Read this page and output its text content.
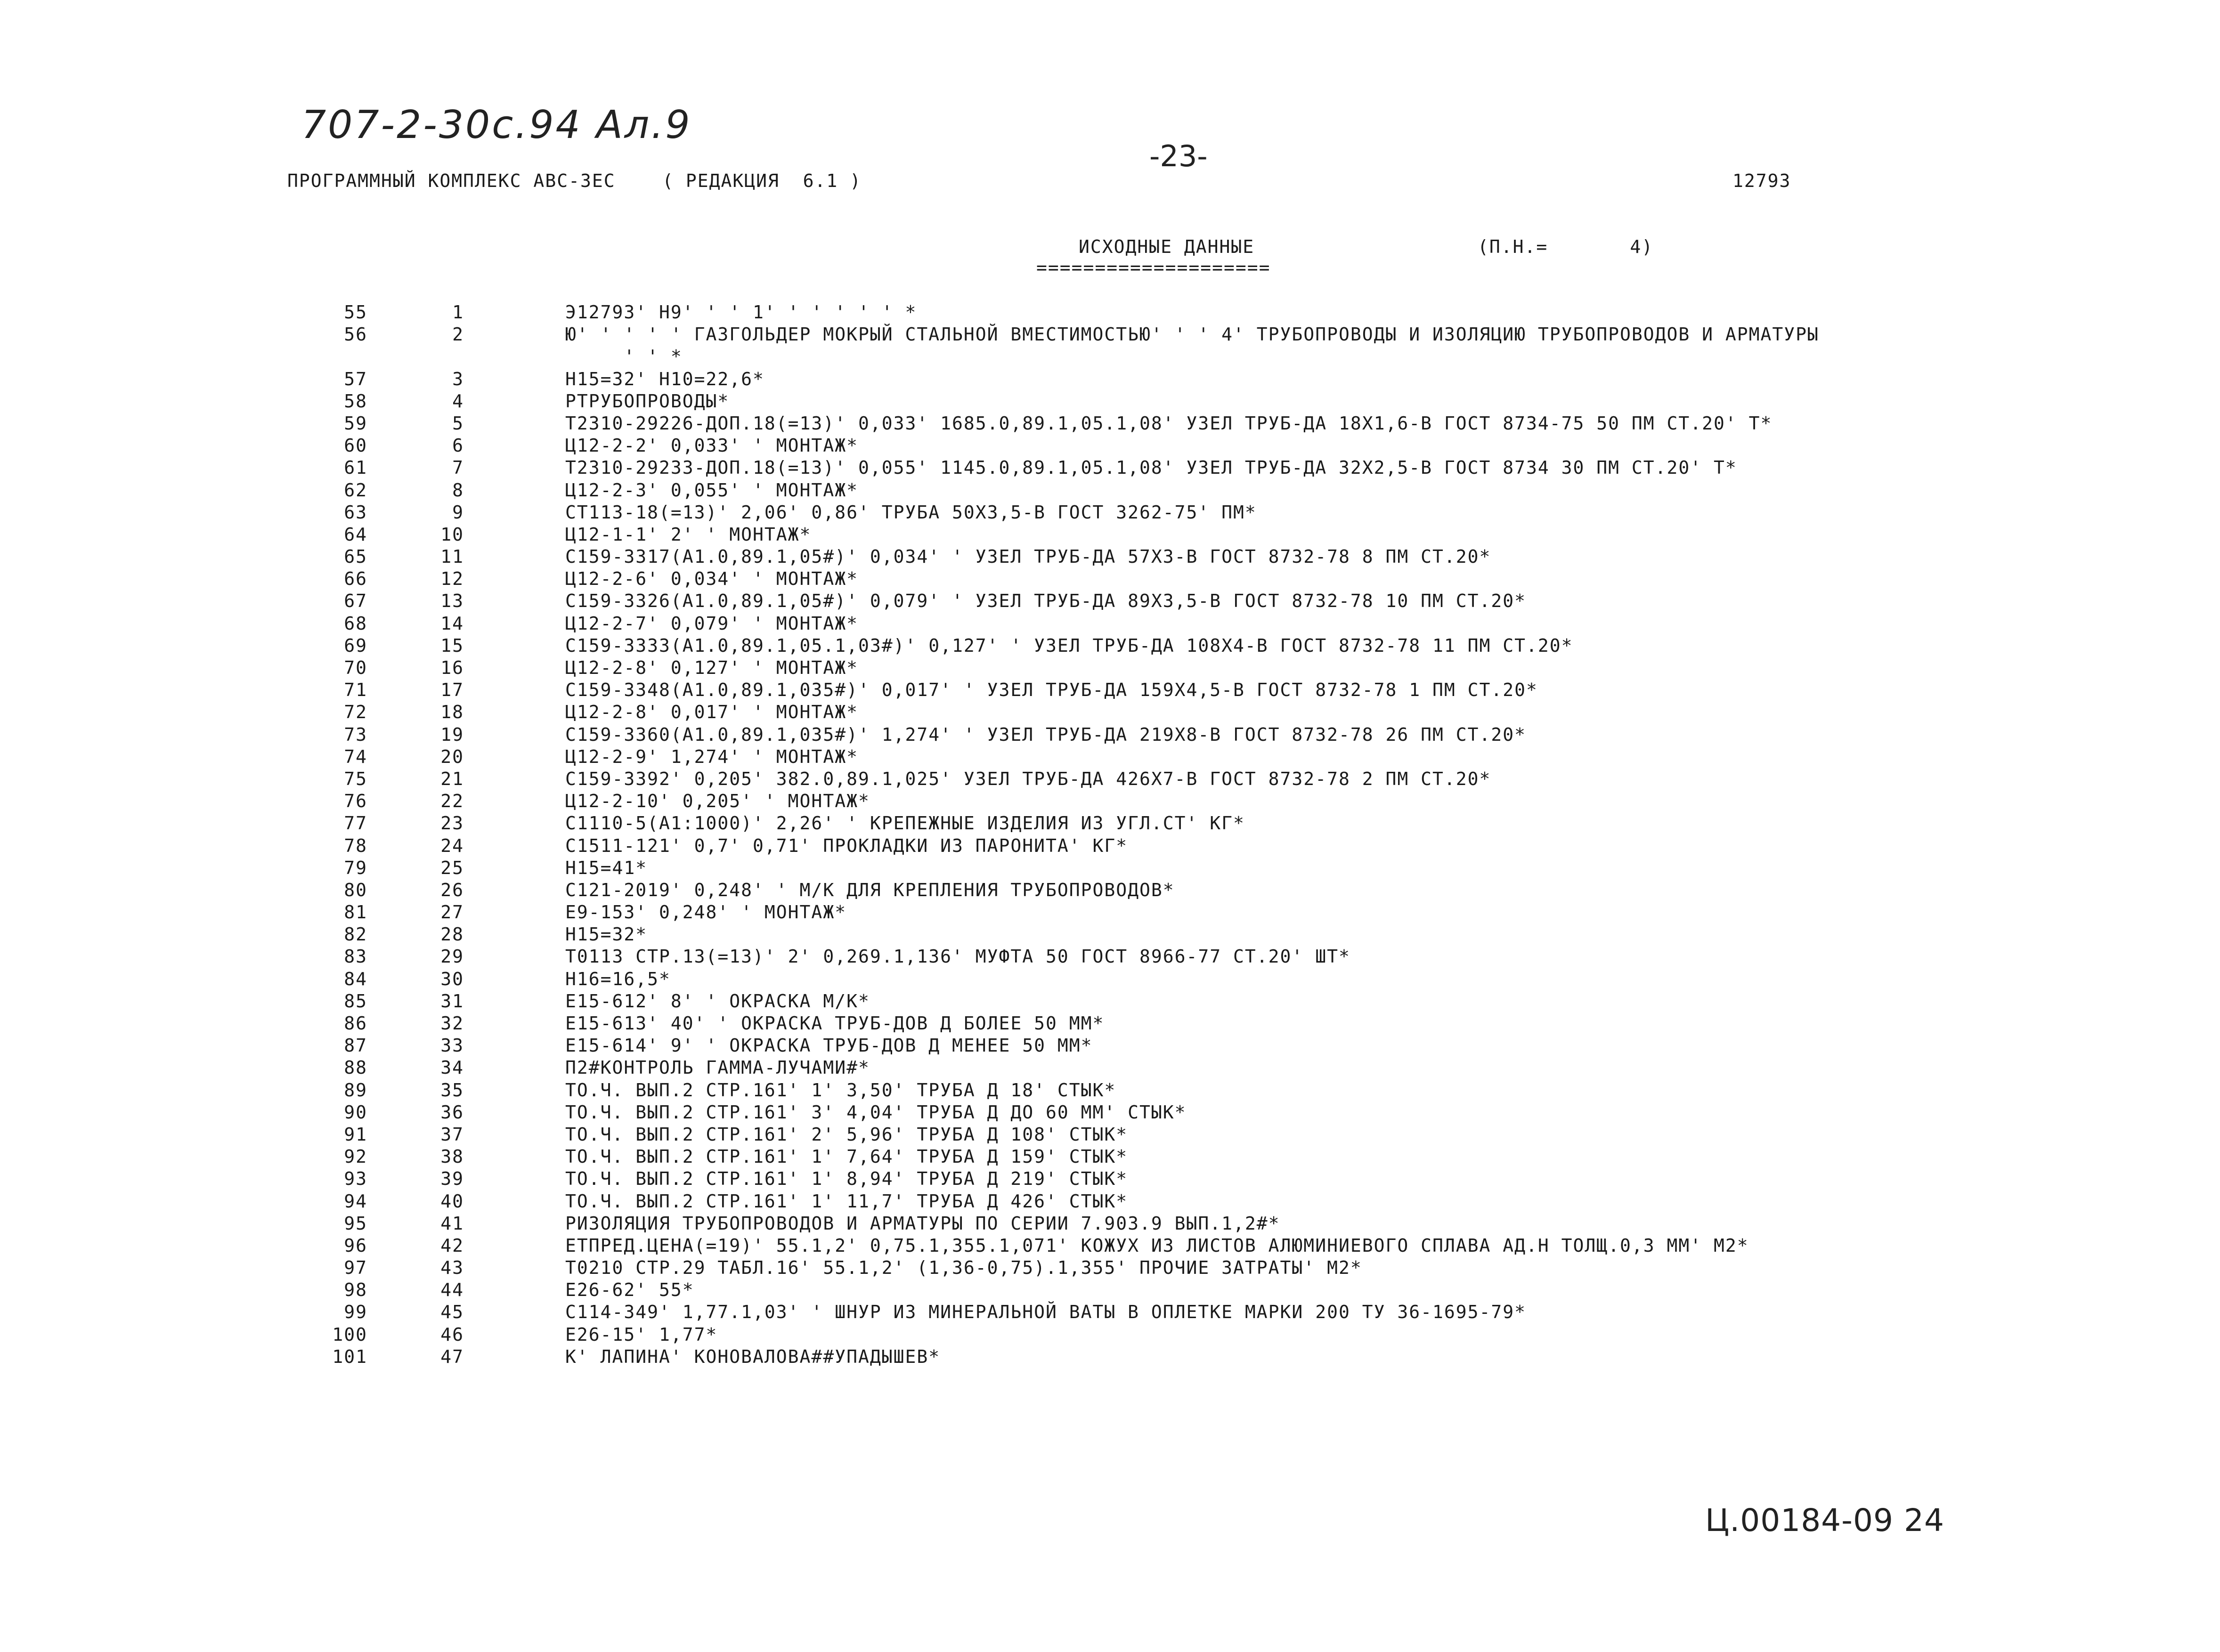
707-2-30с.94 Ал.9
-23-
ПРОГРАММНЫЙ КОМПЛЕКС АВС-ЗЕС    ( РЕДАКЦИЯ  6.1 )	12793
ИСХОДНЫЕ ДАННЫЕ
====================
(П.Н.=       4)
55	1	Э12793' Н9' ' ' 1' ' ' ' ' ' *
56	2	Ю' ' ' ' ' ГАЗГОЛЬДЕР МОКРЫЙ СТАЛЬНОЙ ВМЕСТИМОСТЬЮ' ' ' 4' ТРУБОПРОВОДЫ И ИЗОЛЯЦИЮ ТРУБОПРОВОДОВ И АРМАТУРЫ
' ' *
57	3	Н15=32' Н10=22,6*
58	4	РТРУБОПРОВОДЫ*
59	5	Т2310-29226-ДОП.18(=13)' 0,033' 1685.0,89.1,05.1,08' УЗЕЛ ТРУБ-ДА 18Х1,6-В ГОСТ 8734-75 50 ПМ СТ.20' Т*
60	6	Ц12-2-2' 0,033' ' МОНТАЖ*
61	7	Т2310-29233-ДОП.18(=13)' 0,055' 1145.0,89.1,05.1,08' УЗЕЛ ТРУБ-ДА 32Х2,5-В ГОСТ 8734 30 ПМ СТ.20' Т*
62	8	Ц12-2-3' 0,055' ' МОНТАЖ*
63	9	СТ113-18(=13)' 2,06' 0,86' ТРУБА 50Х3,5-В ГОСТ 3262-75' ПМ*
64	10	Ц12-1-1' 2' ' МОНТАЖ*
65	11	С159-3317(А1.0,89.1,05#)' 0,034' ' УЗЕЛ ТРУБ-ДА 57Х3-В ГОСТ 8732-78 8 ПМ СТ.20*
66	12	Ц12-2-6' 0,034' ' МОНТАЖ*
67	13	С159-3326(А1.0,89.1,05#)' 0,079' ' УЗЕЛ ТРУБ-ДА 89Х3,5-В ГОСТ 8732-78 10 ПМ СТ.20*
68	14	Ц12-2-7' 0,079' ' МОНТАЖ*
69	15	С159-3333(А1.0,89.1,05.1,03#)' 0,127' ' УЗЕЛ ТРУБ-ДА 108Х4-В ГОСТ 8732-78 11 ПМ СТ.20*
70	16	Ц12-2-8' 0,127' ' МОНТАЖ*
71	17	С159-3348(А1.0,89.1,035#)' 0,017' ' УЗЕЛ ТРУБ-ДА 159Х4,5-В ГОСТ 8732-78 1 ПМ СТ.20*
72	18	Ц12-2-8' 0,017' ' МОНТАЖ*
73	19	С159-3360(А1.0,89.1,035#)' 1,274' ' УЗЕЛ ТРУБ-ДА 219Х8-В ГОСТ 8732-78 26 ПМ СТ.20*
74	20	Ц12-2-9' 1,274' ' МОНТАЖ*
75	21	С159-3392' 0,205' 382.0,89.1,025' УЗЕЛ ТРУБ-ДА 426Х7-В ГОСТ 8732-78 2 ПМ СТ.20*
76	22	Ц12-2-10' 0,205' ' МОНТАЖ*
77	23	С1110-5(А1:1000)' 2,26' ' КРЕПЕЖНЫЕ ИЗДЕЛИЯ ИЗ УГЛ.СТ' КГ*
78	24	С1511-121' 0,7' 0,71' ПРОКЛАДКИ ИЗ ПАРОНИТА' КГ*
79	25	Н15=41*
80	26	С121-2019' 0,248' ' М/К ДЛЯ КРЕПЛЕНИЯ ТРУБОПРОВОДОВ*
81	27	Е9-153' 0,248' ' МОНТАЖ*
82	28	Н15=32*
83	29	Т0113 СТР.13(=13)' 2' 0,269.1,136' МУФТА 50 ГОСТ 8966-77 СТ.20' ШТ*
84	30	Н16=16,5*
85	31	Е15-612' 8' ' ОКРАСКА М/К*
86	32	Е15-613' 40' ' ОКРАСКА ТРУБ-ДОВ Д БОЛЕЕ 50 ММ*
87	33	Е15-614' 9' ' ОКРАСКА ТРУБ-ДОВ Д МЕНЕЕ 50 ММ*
88	34	П2#КОНТРОЛЬ ГАММА-ЛУЧАМИ#*
89	35	ТО.Ч. ВЫП.2 СТР.161' 1' 3,50' ТРУБА Д 18' СТЫК*
90	36	ТО.Ч. ВЫП.2 СТР.161' 3' 4,04' ТРУБА Д ДО 60 ММ' СТЫК*
91	37	ТО.Ч. ВЫП.2 СТР.161' 2' 5,96' ТРУБА Д 108' СТЫК*
92	38	ТО.Ч. ВЫП.2 СТР.161' 1' 7,64' ТРУБА Д 159' СТЫК*
93	39	ТО.Ч. ВЫП.2 СТР.161' 1' 8,94' ТРУБА Д 219' СТЫК*
94	40	ТО.Ч. ВЫП.2 СТР.161' 1' 11,7' ТРУБА Д 426' СТЫК*
95	41	РИЗОЛЯЦИЯ ТРУБОПРОВОДОВ И АРМАТУРЫ ПО СЕРИИ 7.903.9 ВЫП.1,2#*
96	42	ЕТПРЕД.ЦЕНА(=19)' 55.1,2' 0,75.1,355.1,071' КОЖУХ ИЗ ЛИСТОВ АЛЮМИНИЕВОГО СПЛАВА АД.Н ТОЛЩ.0,3 ММ' М2*
97	43	Т0210 СТР.29 ТАБЛ.16' 55.1,2' (1,36-0,75).1,355' ПРОЧИЕ ЗАТРАТЫ' М2*
98	44	Е26-62' 55*
99	45	С114-349' 1,77.1,03' ' ШНУР ИЗ МИНЕРАЛЬНОЙ ВАТЫ В ОПЛЕТКЕ МАРКИ 200 ТУ 36-1695-79*
100	46	Е26-15' 1,77*
101	47	К' ЛАПИНА' КОНОВАЛОВА##УПАДЫШЕВ*
Ц.00184-09 24
